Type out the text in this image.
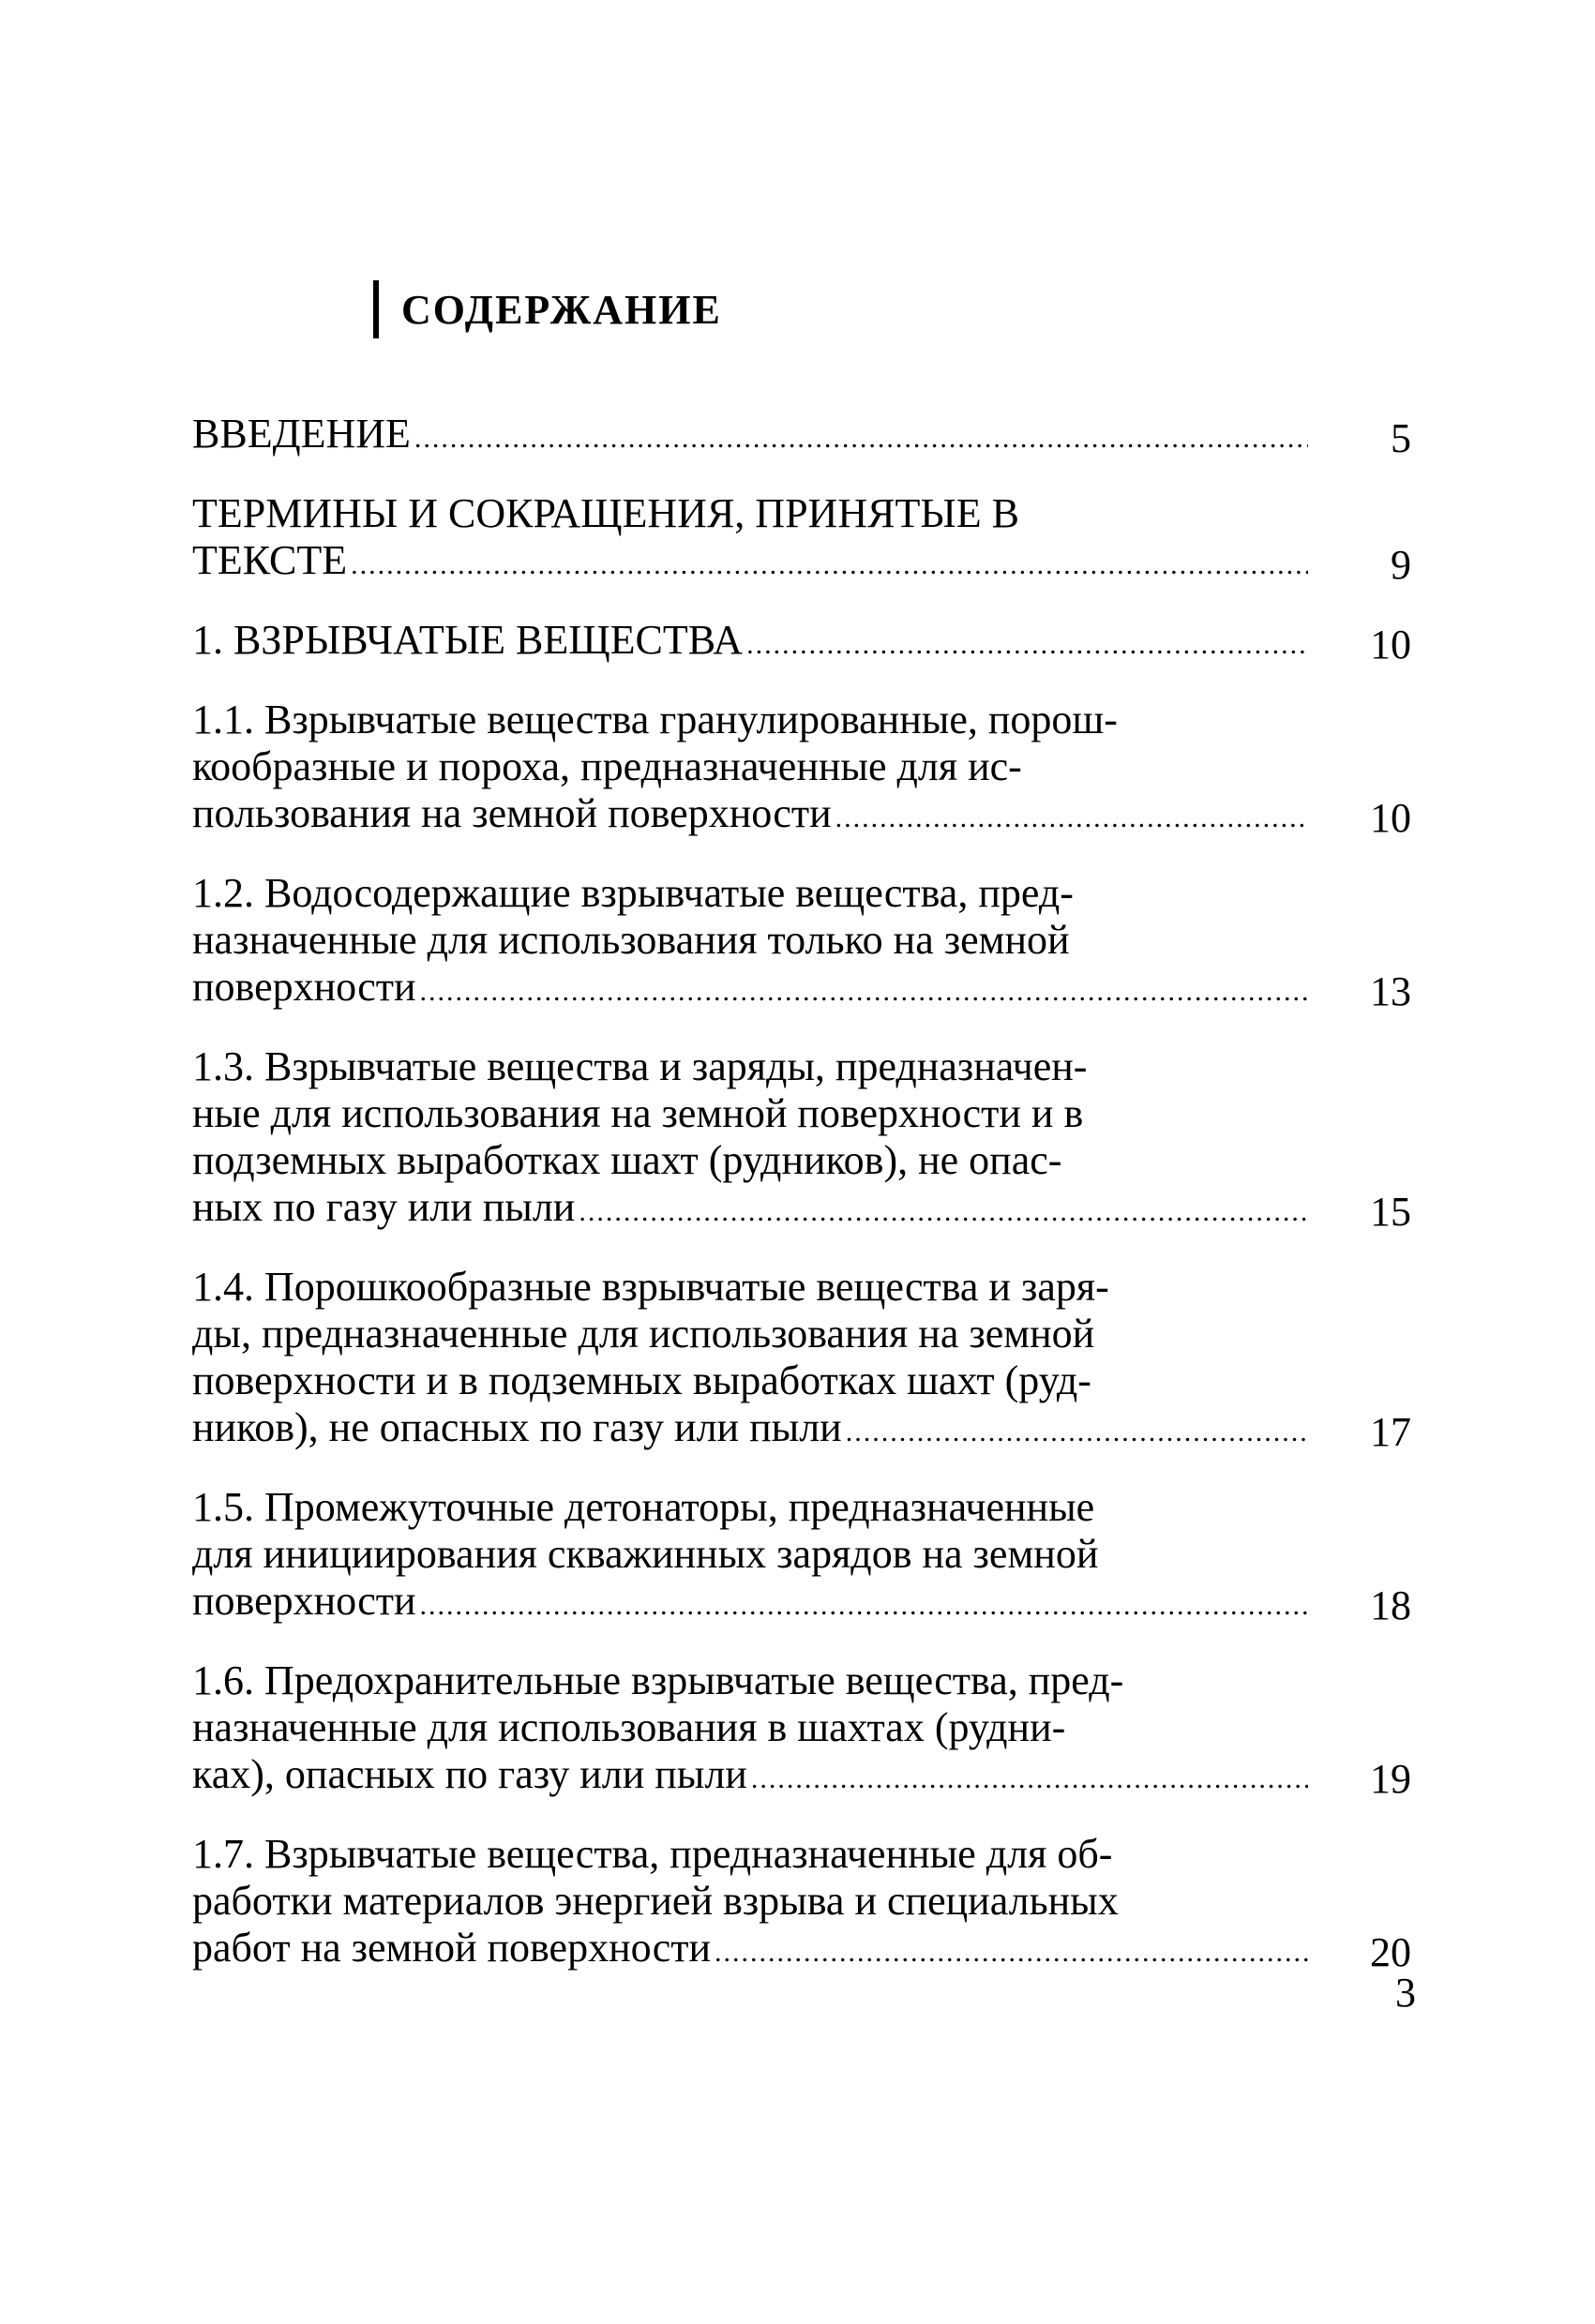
СОДЕРЖАНИЕ
ВВЕДЕНИЕ .....	5
ТЕРМИНЫ И СОКРАЩЕНИЯ, ПРИНЯТЫЕ В
ТЕКСТЕ .....	9
1. ВЗРЫВЧАТЫЕ ВЕЩЕСТВА .....	10
1.1. Взрывчатые вещества гранулированные, порош-
кообразные и пороха, предназначенные для ис-
пользования на земной поверхности .....	10
1.2. Водосодержащие взрывчатые вещества, пред-
назначенные для использования только на земной
поверхности .....	13
1.3. Взрывчатые вещества и заряды, предназначен-
ные для использования на земной поверхности и в
подземных выработках шахт (рудников), не опас-
ных по газу или пыли .....	15
1.4. Порошкообразные взрывчатые вещества и заря-
ды, предназначенные для использования на земной
поверхности и в подземных выработках шахт (руд-
ников), не опасных по газу или пыли .....	17
1.5. Промежуточные детонаторы, предназначенные
для инициирования скважинных зарядов на земной
поверхности .....	18
1.6. Предохранительные взрывчатые вещества, пред-
назначенные для использования в шахтах (рудни-
ках), опасных по газу или пыли .....	19
1.7. Взрывчатые вещества, предназначенные для об-
работки материалов энергией взрыва и специальных
работ на земной поверхности .....	20
3
